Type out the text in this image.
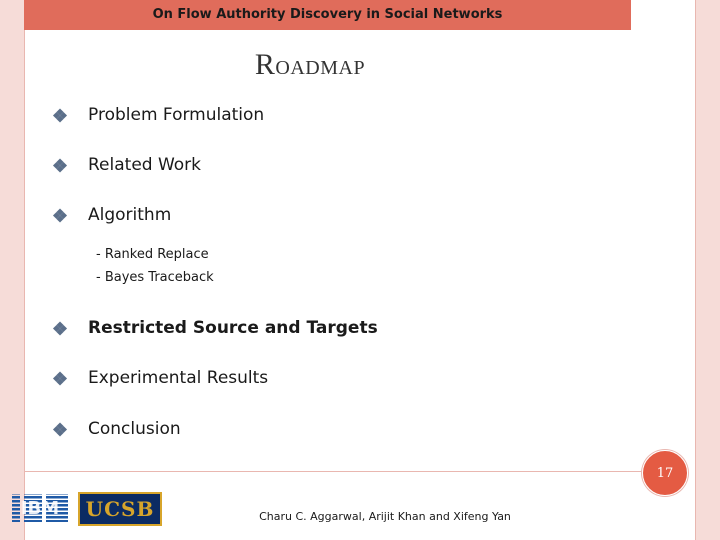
On Flow Authority Discovery in Social Networks
ROADMAP
Problem Formulation
Related Work
Algorithm
- Ranked Replace
- Bayes Traceback
Restricted Source and Targets
Experimental Results
Conclusion
17
IBM	UCSB	Charu C. Aggarwal, Arijit Khan and Xifeng Yan
